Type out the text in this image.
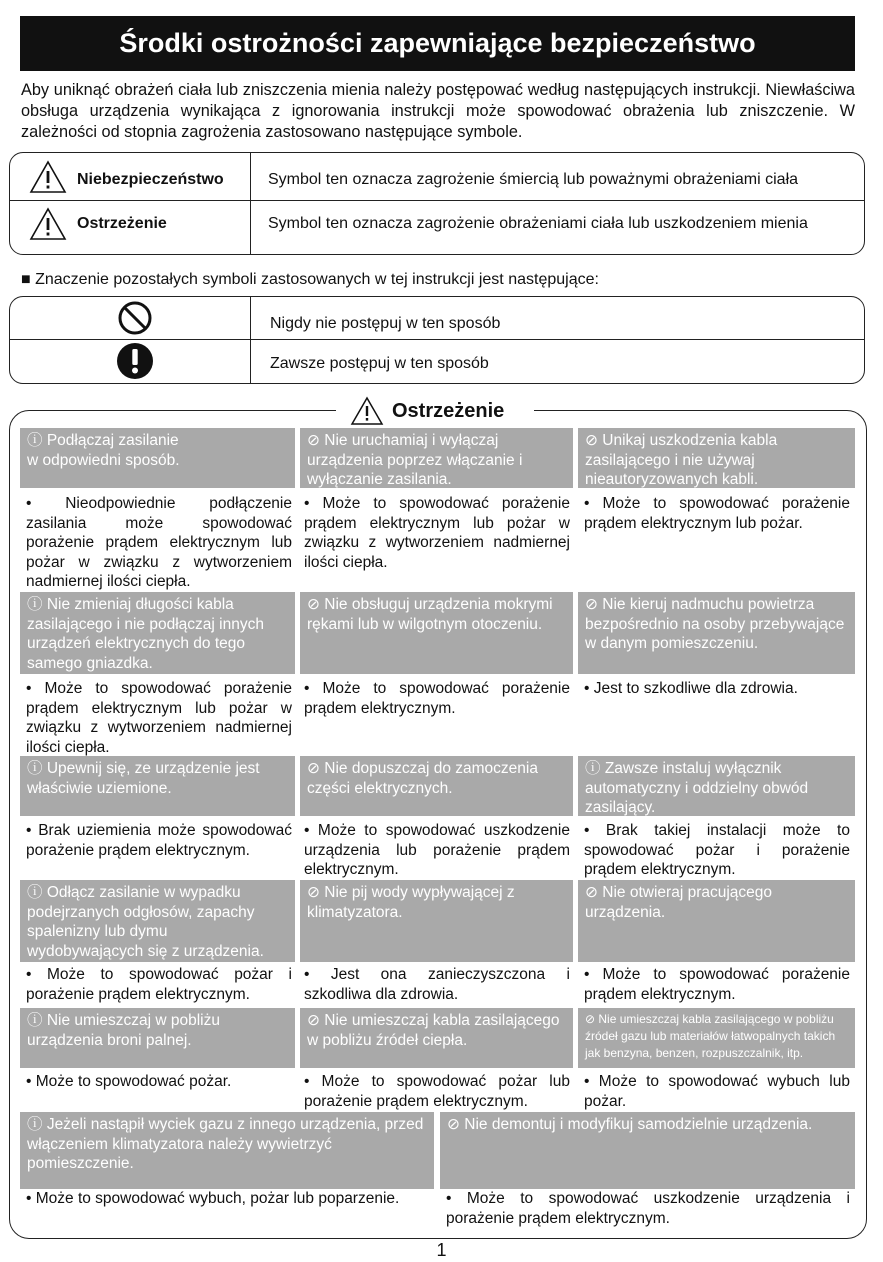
Środki ostrożności zapewniające bezpieczeństwo
Aby uniknąć obrażeń ciała lub zniszczenia mienia należy postępować według następujących instrukcji. Niewłaściwa obsługa urządzenia wynikająca z ignorowania instrukcji może spowodować obrażenia lub zniszczenie. W zależności od stopnia zagrożenia zastosowano następujące symbole.
Niebezpieczeństwo	Symbol ten oznacza zagrożenie śmiercią lub poważnymi obrażeniami ciała
Ostrzeżenie	Symbol ten oznacza zagrożenie obrażeniami ciała lub uszkodzeniem mienia
■ Znaczenie pozostałych symboli zastosowanych w tej instrukcji jest następujące:
Nigdy nie postępuj w ten sposób
Zawsze postępuj w ten sposób
Ostrzeżenie
ⓘ Podłączaj zasilanie
w odpowiedni sposób.
⊘ Nie uruchamiaj i wyłączaj urządzenia poprzez włączanie i wyłączanie zasilania.
⊘ Unikaj uszkodzenia kabla zasilającego i nie używaj nieautoryzowanych kabli.
• Nieodpowiednie podłączenie zasilania może spowodować porażenie prądem elektrycznym lub pożar w związku z wytworzeniem nadmiernej ilości ciepła.
• Może to spowodować porażenie prądem elektrycznym lub pożar w związku z wytworzeniem nadmiernej ilości ciepła.
• Może to spowodować porażenie prądem elektrycznym lub pożar.
ⓘ Nie zmieniaj długości kabla zasilającego i nie podłączaj innych urządzeń elektrycznych do tego samego gniazdka.
⊘ Nie obsługuj urządzenia mokrymi rękami lub w wilgotnym otoczeniu.
⊘ Nie kieruj nadmuchu powietrza bezpośrednio na osoby przebywające w danym pomieszczeniu.
• Może to spowodować porażenie prądem elektrycznym lub pożar w związku z wytworzeniem nadmiernej ilości ciepła.
• Może to spowodować porażenie prądem elektrycznym.
• Jest to szkodliwe dla zdrowia.
ⓘ Upewnij się, ze urządzenie jest właściwie uziemione.
⊘ Nie dopuszczaj do zamoczenia części elektrycznych.
ⓘ Zawsze instaluj wyłącznik automatyczny i oddzielny obwód zasilający.
• Brak uziemienia może spowodować porażenie prądem elektrycznym.
• Może to spowodować uszkodzenie urządzenia lub porażenie prądem elektrycznym.
• Brak takiej instalacji może to spowodować pożar i porażenie prądem elektrycznym.
ⓘ Odłącz zasilanie w wypadku podejrzanych odgłosów, zapachy spalenizny lub dymu wydobywających się z urządzenia.
⊘ Nie pij wody wypływającej z klimatyzatora.
⊘ Nie otwieraj pracującego urządzenia.
• Może to spowodować pożar i porażenie prądem elektrycznym.
• Jest ona zanieczyszczona i szkodliwa dla zdrowia.
• Może to spowodować porażenie prądem elektrycznym.
ⓘ Nie umieszczaj w pobliżu urządzenia broni palnej.
⊘ Nie umieszczaj kabla zasilającego w pobliżu źródeł ciepła.
⊘ Nie umieszczaj kabla zasilającego w pobliżu źródeł gazu lub materiałów łatwopalnych takich jak benzyna, benzen, rozpuszczalnik, itp.
• Może to spowodować pożar.	• Może to spowodować pożar lub porażenie prądem elektrycznym.
• Może to spowodować wybuch lub pożar.
ⓘ Jeżeli nastąpił wyciek gazu z innego urządzenia, przed włączeniem klimatyzatora należy wywietrzyć pomieszczenie.
⊘ Nie demontuj i modyfikuj samodzielnie urządzenia.
• Może to spowodować wybuch, pożar lub poparzenie.	• Może to spowodować uszkodzenie urządzenia i porażenie prądem elektrycznym.
1
